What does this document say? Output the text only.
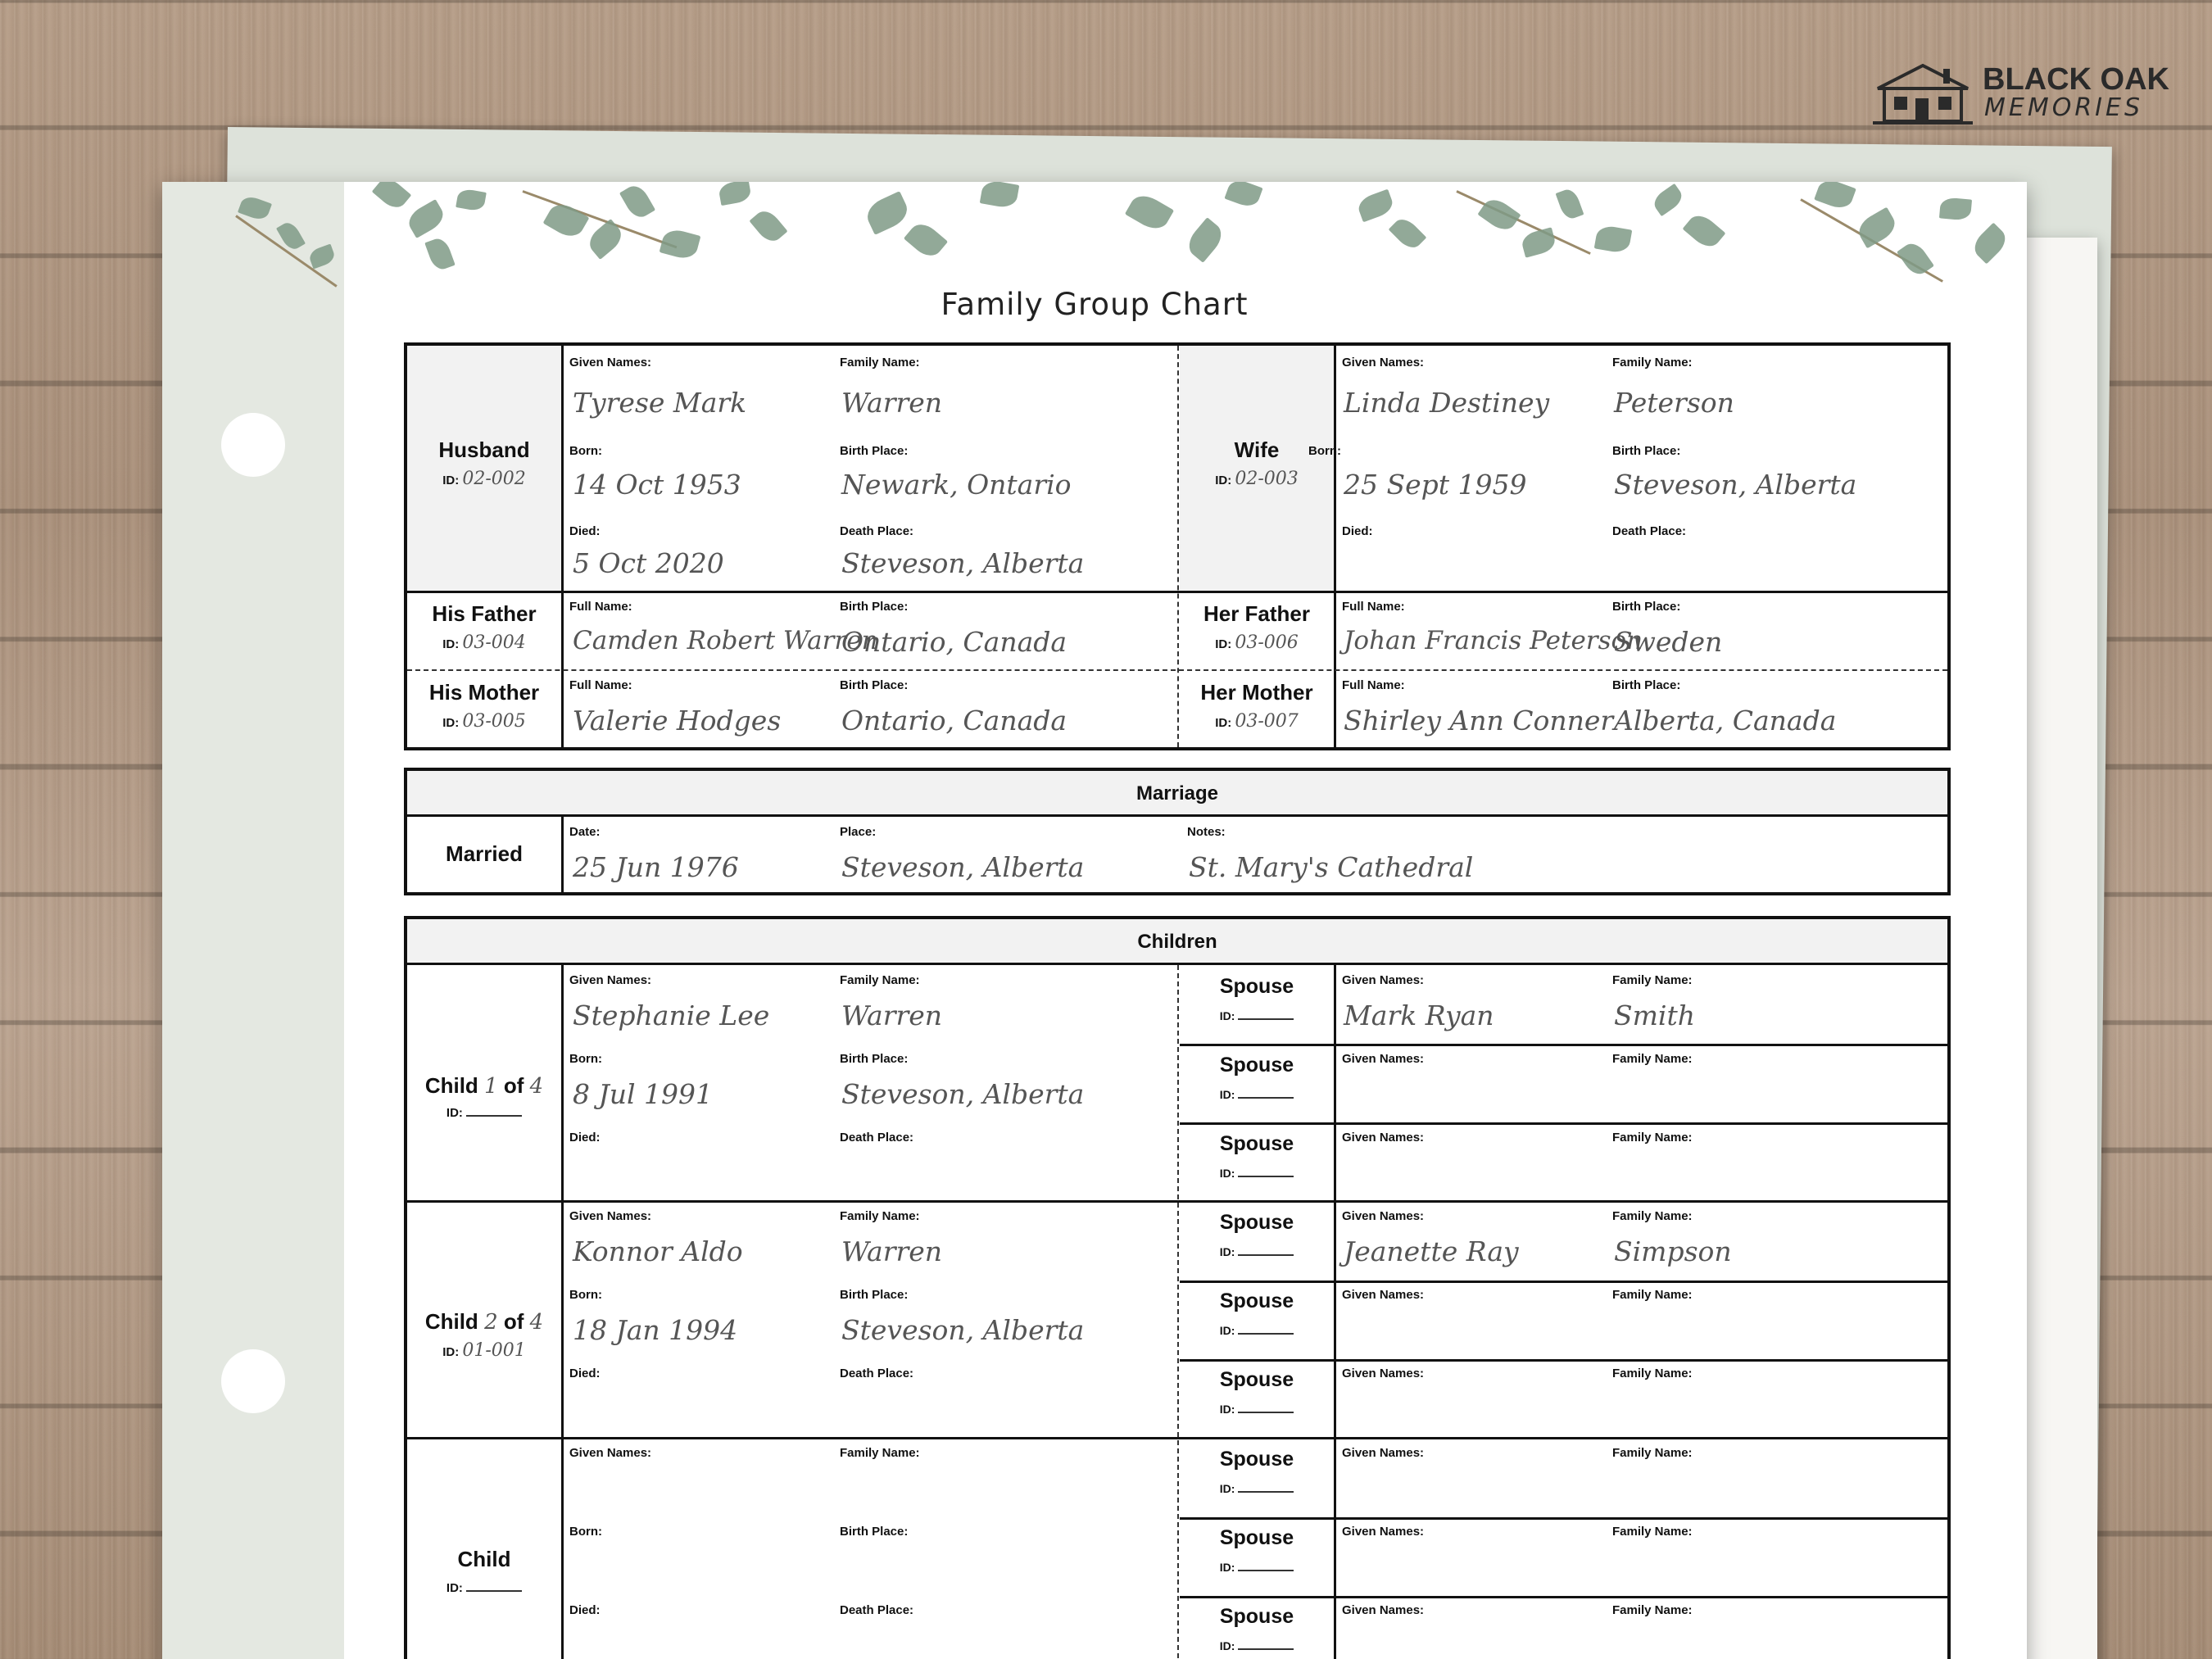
BLACK OAK
MEMORIES
Family Group Chart
Husband
ID: 02-002
Given Names:
Tyrese Mark
Family Name:
Warren
Born:
14 Oct 1953
Birth Place:
Newark, Ontario
Died:
5 Oct 2020
Death Place:
Steveson, Alberta
Wife
ID: 02-003
Given Names:
Linda Destiney
Family Name:
Peterson
Born:
25 Sept 1959
Birth Place:
Steveson, Alberta
Died:	Death Place:
His Father
ID: 03-004
Full Name:
Camden Robert Warren
Birth Place:
Ontario, Canada
Her Father
ID: 03-006
Full Name:
Johan Francis Peterson
Birth Place:
Sweden
His Mother
ID: 03-005
Full Name:
Valerie Hodges
Birth Place:
Ontario, Canada
Her Mother
ID: 03-007
Full Name:
Shirley Ann Conner
Birth Place:
Alberta, Canada
Marriage
Married
Date:
25 Jun 1976
Place:
Steveson, Alberta
Notes:
St. Mary's Cathedral
Children
Child 1 of 4
ID:
Given Names:
Stephanie Lee
Family Name:
Warren
Born:
8 Jul 1991
Birth Place:
Steveson, Alberta
Died:	Death Place:
Spouse
ID:
Given Names:
Mark Ryan
Family Name:
Smith
Spouse
ID:
Given Names:	Family Name:
Spouse
ID:
Given Names:	Family Name:
Child 2 of 4
ID: 01-001
Given Names:
Konnor Aldo
Family Name:
Warren
Born:
18 Jan 1994
Birth Place:
Steveson, Alberta
Died:	Death Place:
Spouse
ID:
Given Names:
Jeanette Ray
Family Name:
Simpson
Spouse
ID:
Given Names:	Family Name:
Spouse
ID:
Given Names:	Family Name:
Child
ID:
Given Names:	Family Name:
Born:	Birth Place:
Died:	Death Place:
Spouse
ID:
Given Names:	Family Name:
Spouse
ID:
Given Names:	Family Name:
Spouse
ID:
Given Names:	Family Name:
